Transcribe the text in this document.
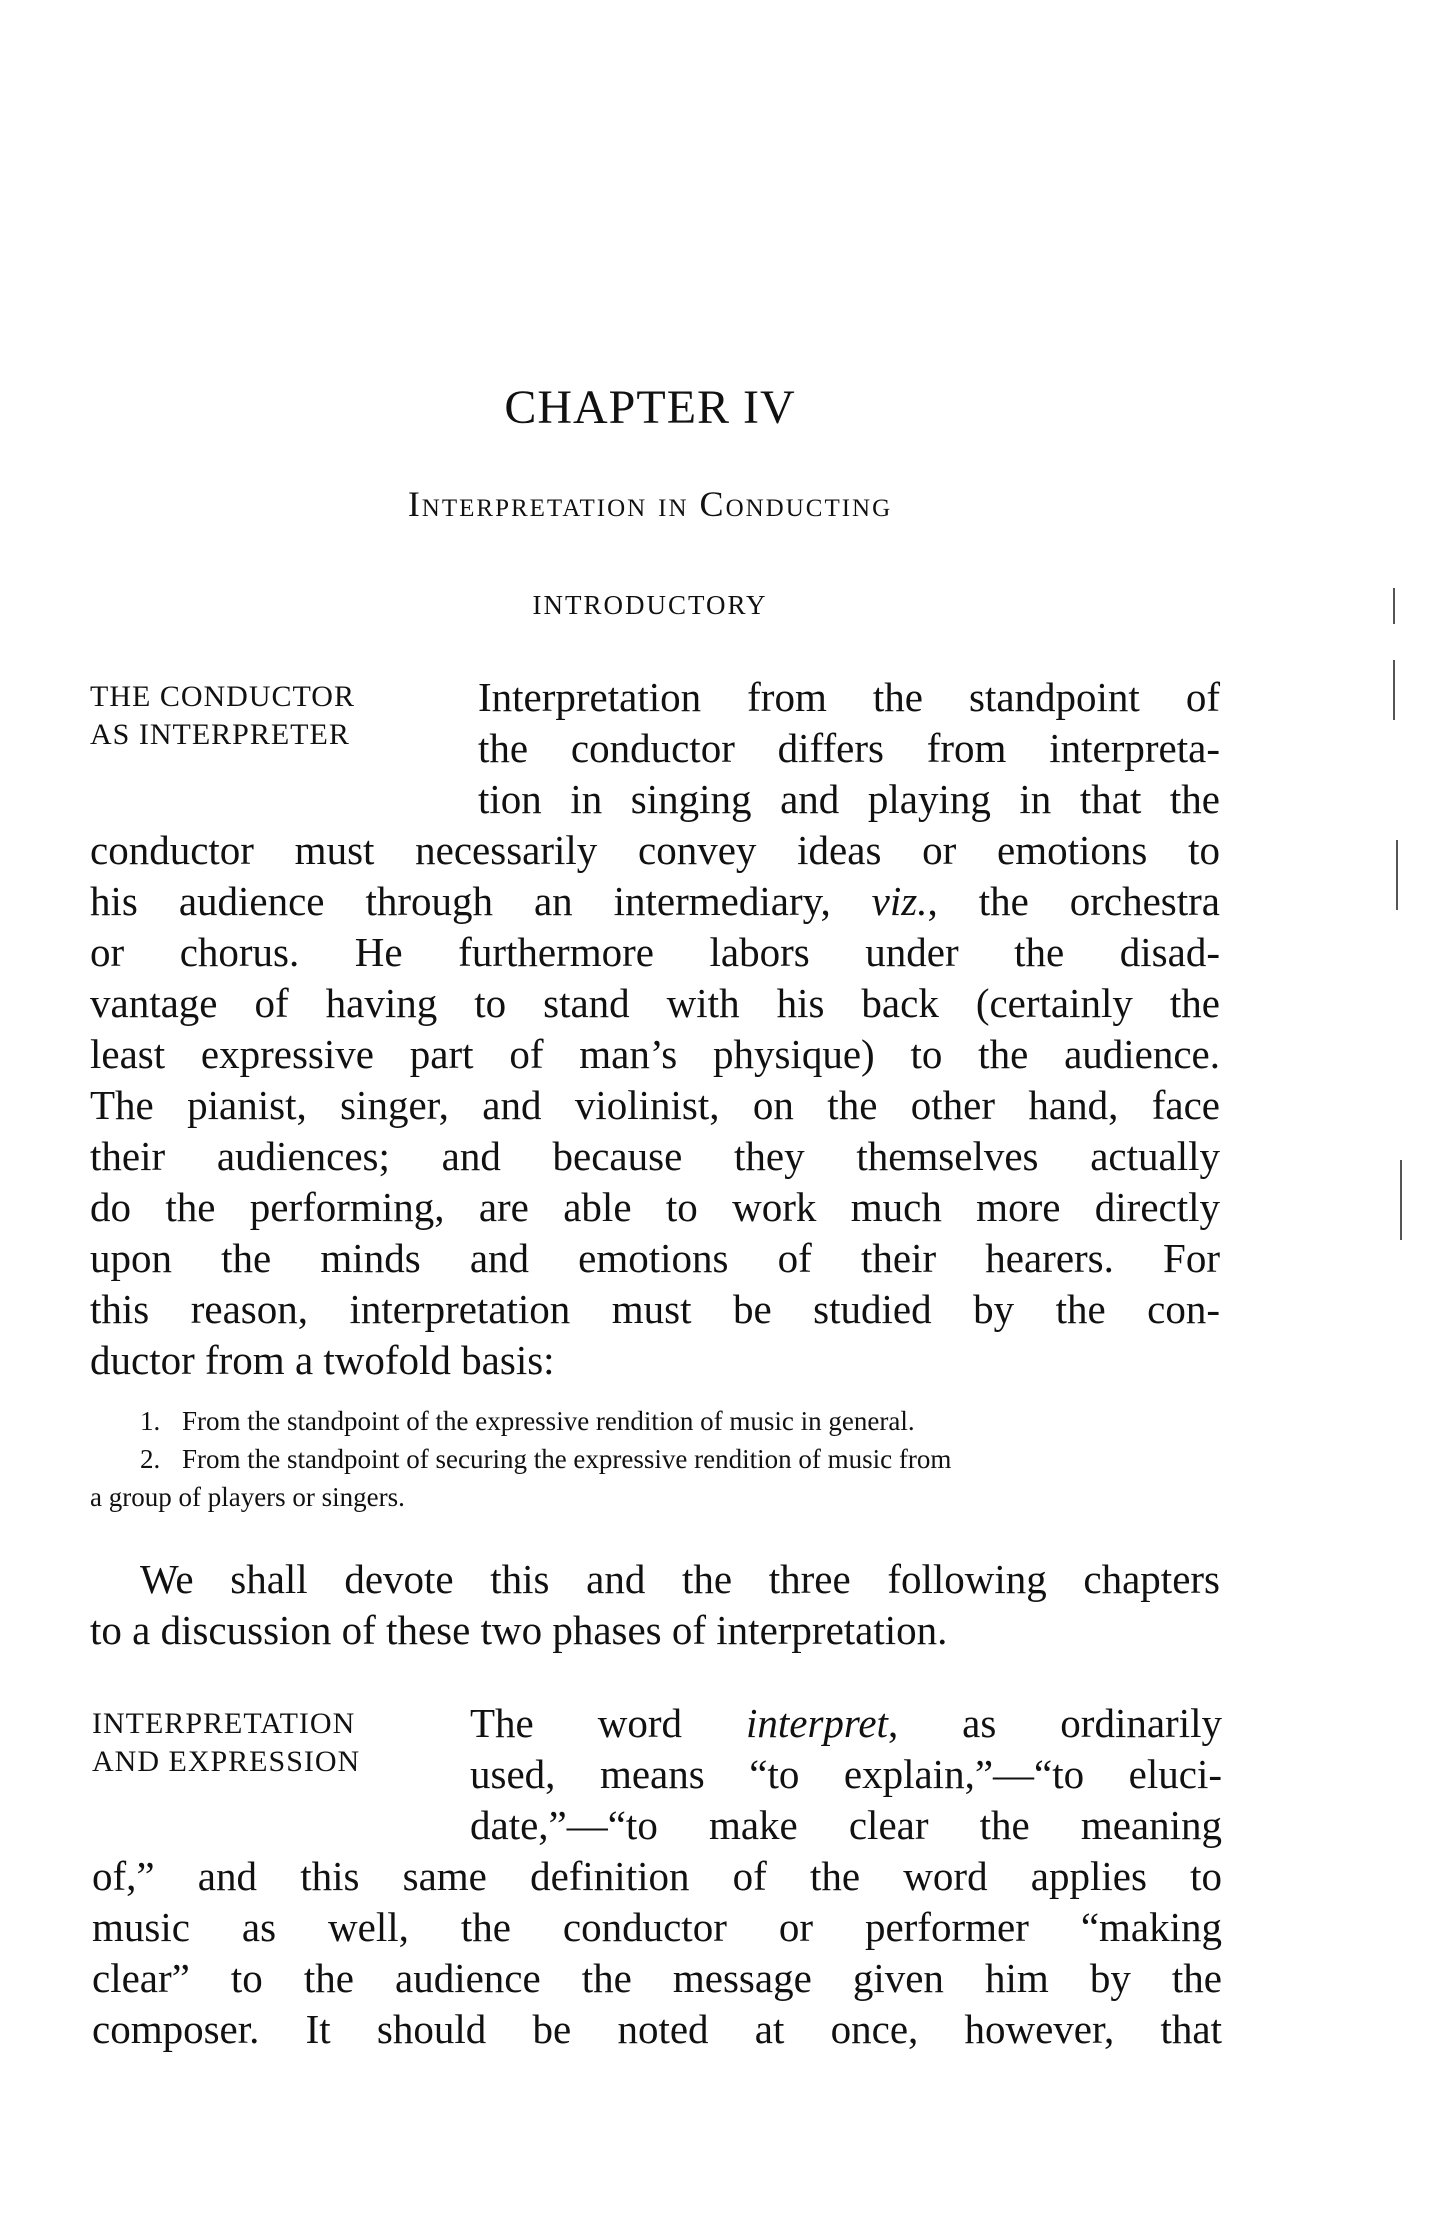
CHAPTER IV
Interpretation in Conducting
INTRODUCTORY
THE CONDUCTOR
AS INTERPRETER
Interpretation from the standpoint of
the conductor differs from interpreta-
tion in singing and playing in that the
conductor must necessarily convey ideas or emotions to
his audience through an intermediary, viz., the orchestra
or chorus. He furthermore labors under the disad-
vantage of having to stand with his back (certainly the
least expressive part of man’s physique) to the audience.
The pianist, singer, and violinist, on the other hand, face
their audiences; and because they themselves actually
do the performing, are able to work much more directly
upon the minds and emotions of their hearers. For
this reason, interpretation must be studied by the con-
ductor from a twofold basis:
1. From the standpoint of the expressive rendition of music in general.
2. From the standpoint of securing the expressive rendition of music from
a group of players or singers.
We shall devote this and the three following chapters
to a discussion of these two phases of interpretation.
INTERPRETATION
AND EXPRESSION
The word interpret, as ordinarily
used, means “to explain,”—“to eluci-
date,”—“to make clear the meaning
of,” and this same definition of the word applies to
music as well, the conductor or performer “making
clear” to the audience the message given him by the
composer. It should be noted at once, however, that
